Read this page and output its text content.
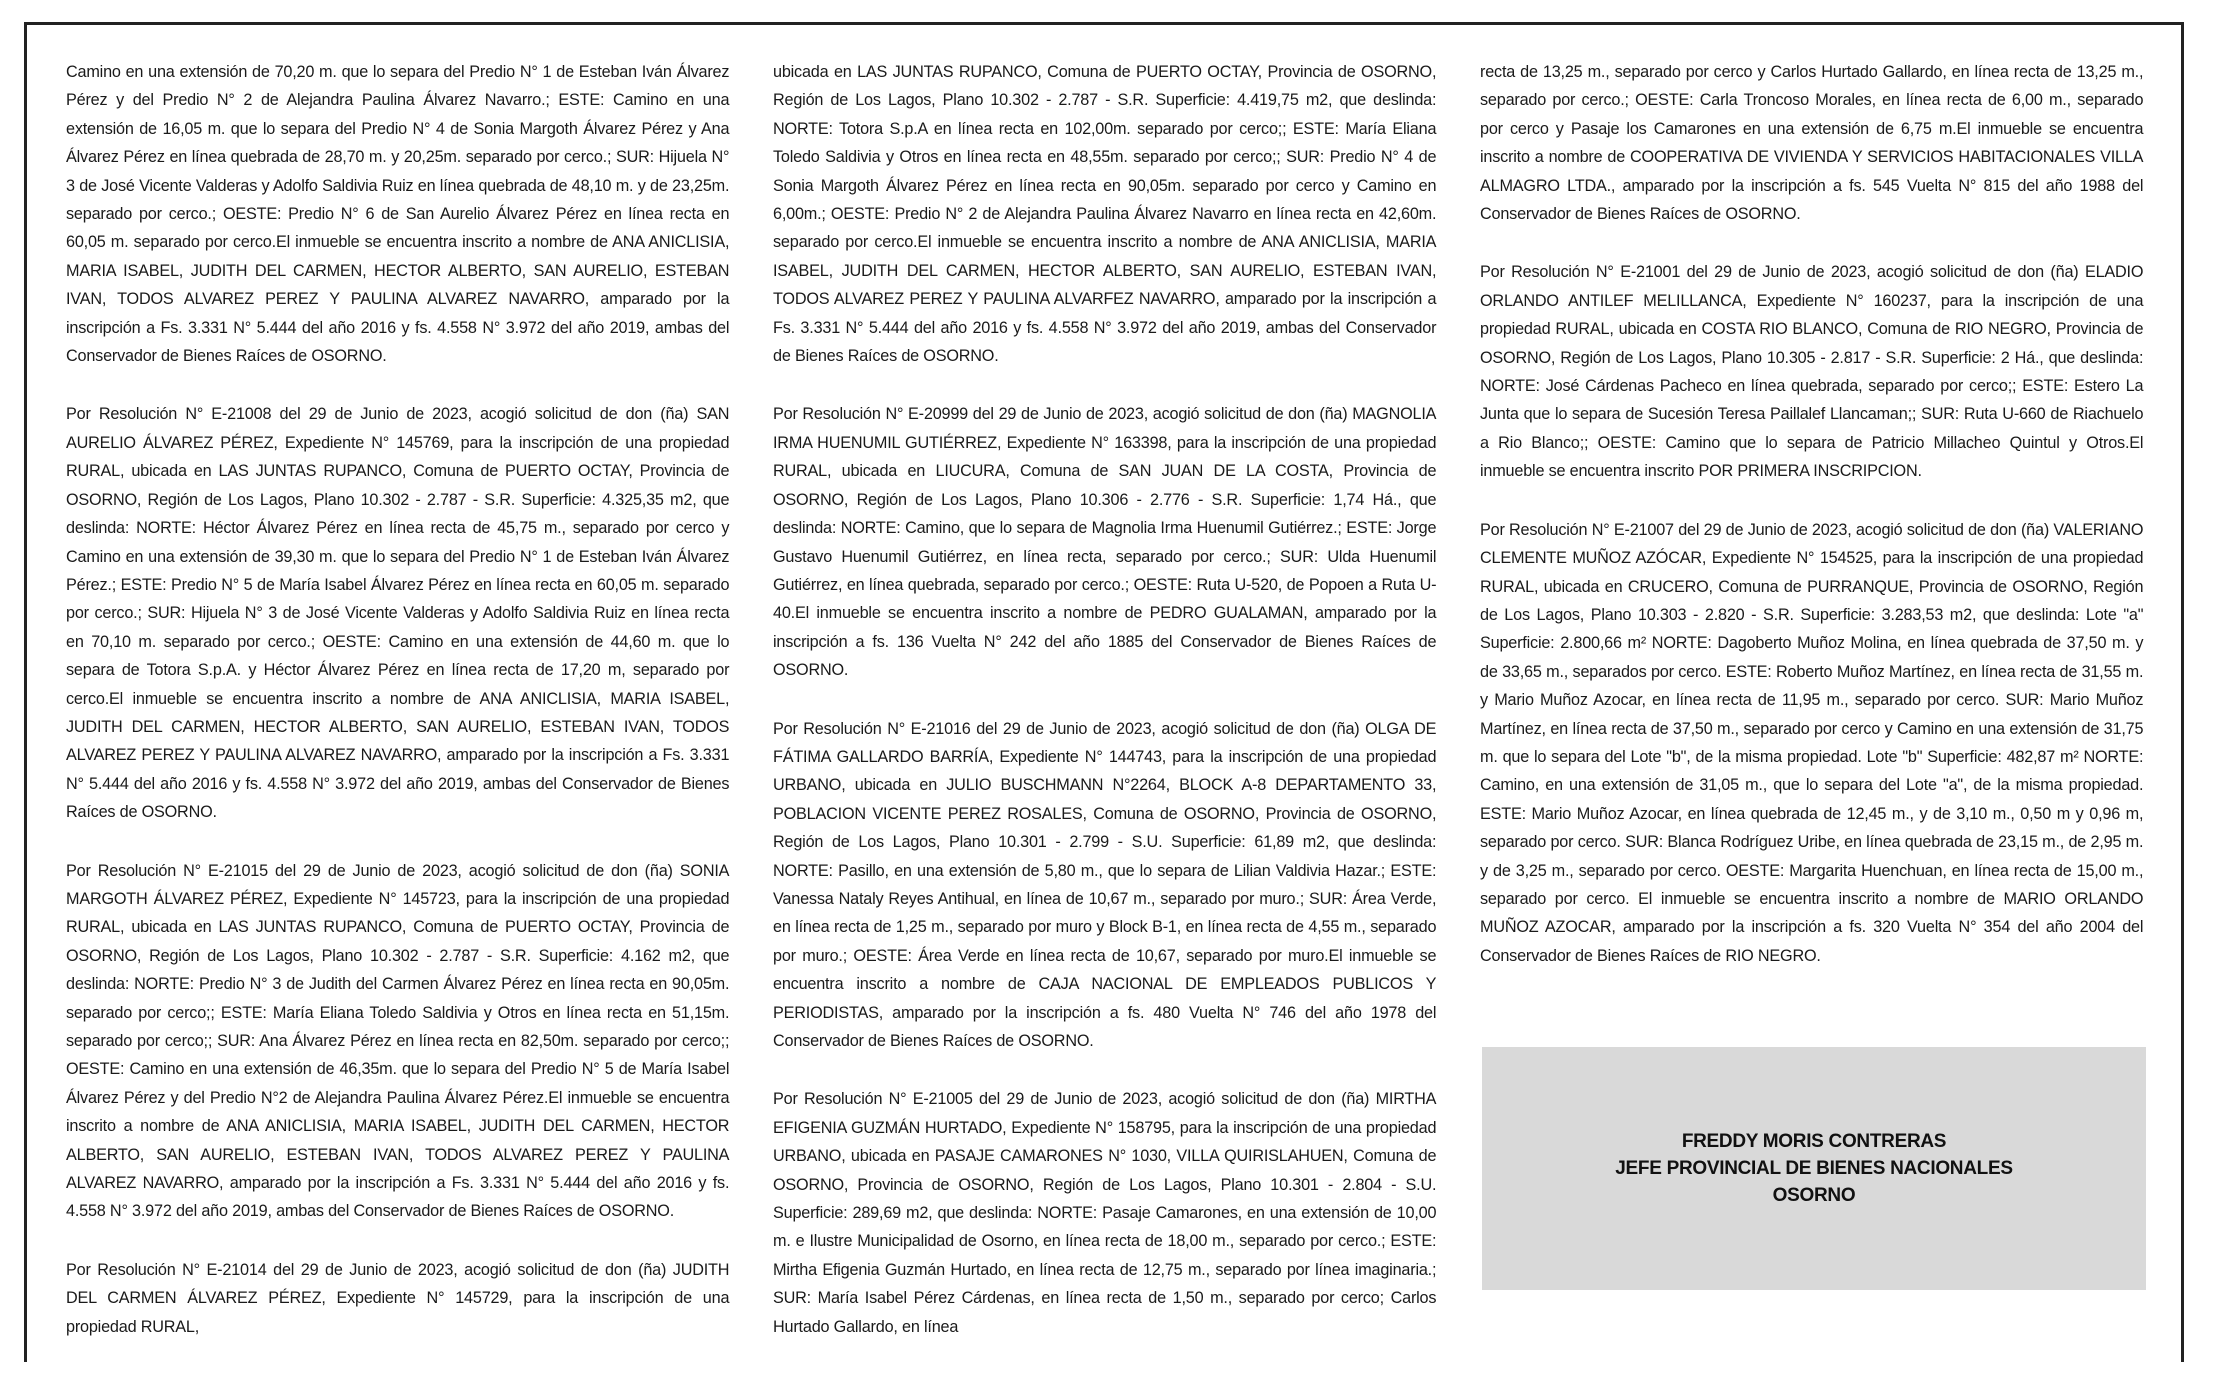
Camino en una extensión de 70,20 m. que lo separa del Predio N° 1 de Esteban Iván Álvarez Pérez y del Predio N° 2 de Alejandra Paulina Álvarez Navarro.; ESTE: Camino en una extensión de 16,05 m. que lo separa del Predio N° 4 de Sonia Margoth Álvarez Pérez y Ana Álvarez Pérez en línea quebrada de 28,70 m. y 20,25m. separado por cerco.; SUR: Hijuela N° 3 de José Vicente Valderas y Adolfo Saldivia Ruiz en línea quebrada de 48,10 m. y de 23,25m. separado por cerco.; OESTE: Predio N° 6 de San Aurelio Álvarez Pérez en línea recta en 60,05 m. separado por cerco.El inmueble se encuentra inscrito a nombre de ANA ANICLISIA, MARIA ISABEL, JUDITH DEL CARMEN, HECTOR ALBERTO, SAN AURELIO, ESTEBAN IVAN, TODOS ALVAREZ PEREZ Y PAULINA ALVAREZ NAVARRO, amparado por la inscripción a Fs. 3.331 N° 5.444 del año 2016 y fs. 4.558 N° 3.972 del año 2019, ambas del Conservador de Bienes Raíces de OSORNO.

Por Resolución N° E-21008 del 29 de Junio de 2023, acogió solicitud de don (ña) SAN AURELIO ÁLVAREZ PÉREZ, Expediente N° 145769, para la inscripción de una propiedad RURAL, ubicada en LAS JUNTAS RUPANCO, Comuna de PUERTO OCTAY, Provincia de OSORNO, Región de Los Lagos, Plano 10.302 - 2.787 - S.R. Superficie: 4.325,35 m2, que deslinda: NORTE: Héctor Álvarez Pérez en línea recta de 45,75 m., separado por cerco y Camino en una extensión de 39,30 m. que lo separa del Predio N° 1 de Esteban Iván Álvarez Pérez.; ESTE: Predio N° 5 de María Isabel Álvarez Pérez en línea recta en 60,05 m. separado por cerco.; SUR: Hijuela N° 3 de José Vicente Valderas y Adolfo Saldivia Ruiz en línea recta en 70,10 m. separado por cerco.; OESTE: Camino en una extensión de 44,60 m. que lo separa de Totora S.p.A. y Héctor Álvarez Pérez en línea recta de 17,20 m, separado por cerco.El inmueble se encuentra inscrito a nombre de ANA ANICLISIA, MARIA ISABEL, JUDITH DEL CARMEN, HECTOR ALBERTO, SAN AURELIO, ESTEBAN IVAN, TODOS ALVAREZ PEREZ Y PAULINA ALVAREZ NAVARRO, amparado por la inscripción a Fs. 3.331 N° 5.444 del año 2016 y fs. 4.558 N° 3.972 del año 2019, ambas del Conservador de Bienes Raíces de OSORNO.

Por Resolución N° E-21015 del 29 de Junio de 2023, acogió solicitud de don (ña) SONIA MARGOTH ÁLVAREZ PÉREZ, Expediente N° 145723, para la inscripción de una propiedad RURAL, ubicada en LAS JUNTAS RUPANCO, Comuna de PUERTO OCTAY, Provincia de OSORNO, Región de Los Lagos, Plano 10.302 - 2.787 - S.R. Superficie: 4.162 m2, que deslinda: NORTE: Predio N° 3 de Judith del Carmen Álvarez Pérez en línea recta en 90,05m. separado por cerco;; ESTE: María Eliana Toledo Saldivia y Otros en línea recta en 51,15m. separado por cerco;; SUR: Ana Álvarez Pérez en línea recta en 82,50m. separado por cerco;; OESTE: Camino en una extensión de 46,35m. que lo separa del Predio N° 5 de María Isabel Álvarez Pérez y del Predio N°2 de Alejandra Paulina Álvarez Pérez.El inmueble se encuentra inscrito a nombre de ANA ANICLISIA, MARIA ISABEL, JUDITH DEL CARMEN, HECTOR ALBERTO, SAN AURELIO, ESTEBAN IVAN, TODOS ALVAREZ PEREZ Y PAULINA ALVAREZ NAVARRO, amparado por la inscripción a Fs. 3.331 N° 5.444 del año 2016 y fs. 4.558 N° 3.972 del año 2019, ambas del Conservador de Bienes Raíces de OSORNO.

Por Resolución N° E-21014 del 29 de Junio de 2023, acogió solicitud de don (ña) JUDITH DEL CARMEN ÁLVAREZ PÉREZ, Expediente N° 145729, para la inscripción de una propiedad RURAL,

ubicada en LAS JUNTAS RUPANCO, Comuna de PUERTO OCTAY, Provincia de OSORNO, Región de Los Lagos, Plano 10.302 - 2.787 - S.R. Superficie: 4.419,75 m2, que deslinda: NORTE: Totora S.p.A en línea recta en 102,00m. separado por cerco;; ESTE: María Eliana Toledo Saldivia y Otros en línea recta en 48,55m. separado por cerco;; SUR: Predio N° 4 de Sonia Margoth Álvarez Pérez en línea recta en 90,05m. separado por cerco y Camino en 6,00m.; OESTE: Predio N° 2 de Alejandra Paulina Álvarez Navarro en línea recta en 42,60m. separado por cerco.El inmueble se encuentra inscrito a nombre de ANA ANICLISIA, MARIA ISABEL, JUDITH DEL CARMEN, HECTOR ALBERTO, SAN AURELIO, ESTEBAN IVAN, TODOS ALVAREZ PEREZ Y PAULINA ALVARFEZ NAVARRO, amparado por la inscripción a Fs. 3.331 N° 5.444 del año 2016 y fs. 4.558 N° 3.972 del año 2019, ambas del Conservador de Bienes Raíces de OSORNO.

Por Resolución N° E-20999 del 29 de Junio de 2023, acogió solicitud de don (ña) MAGNOLIA IRMA HUENUMIL GUTIÉRREZ, Expediente N° 163398, para la inscripción de una propiedad RURAL, ubicada en LIUCURA, Comuna de SAN JUAN DE LA COSTA, Provincia de OSORNO, Región de Los Lagos, Plano 10.306 - 2.776 - S.R. Superficie: 1,74 Há., que deslinda: NORTE: Camino, que lo separa de Magnolia Irma Huenumil Gutiérrez.; ESTE: Jorge Gustavo Huenumil Gutiérrez, en línea recta, separado por cerco.; SUR: Ulda Huenumil Gutiérrez, en línea quebrada, separado por cerco.; OESTE: Ruta U-520, de Popoen a Ruta U-40.El inmueble se encuentra inscrito a nombre de PEDRO GUALAMAN, amparado por la inscripción a fs. 136 Vuelta N° 242 del año 1885 del Conservador de Bienes Raíces de OSORNO.

Por Resolución N° E-21016 del 29 de Junio de 2023, acogió solicitud de don (ña) OLGA DE FÁTIMA GALLARDO BARRÍA, Expediente N° 144743, para la inscripción de una propiedad URBANO, ubicada en JULIO BUSCHMANN N°2264, BLOCK A-8 DEPARTAMENTO 33, POBLACION VICENTE PEREZ ROSALES, Comuna de OSORNO, Provincia de OSORNO, Región de Los Lagos, Plano 10.301 - 2.799 - S.U. Superficie: 61,89 m2, que deslinda: NORTE: Pasillo, en una extensión de 5,80 m., que lo separa de Lilian Valdivia Hazar.; ESTE: Vanessa Nataly Reyes Antihual, en línea de 10,67 m., separado por muro.; SUR: Área Verde, en línea recta de 1,25 m., separado por muro y Block B-1, en línea recta de 4,55 m., separado por muro.; OESTE: Área Verde en línea recta de 10,67, separado por muro.El inmueble se encuentra inscrito a nombre de CAJA NACIONAL DE EMPLEADOS PUBLICOS Y PERIODISTAS, amparado por la inscripción a fs. 480 Vuelta N° 746 del año 1978 del Conservador de Bienes Raíces de OSORNO.

Por Resolución N° E-21005 del 29 de Junio de 2023, acogió solicitud de don (ña) MIRTHA EFIGENIA GUZMÁN HURTADO, Expediente N° 158795, para la inscripción de una propiedad URBANO, ubicada en PASAJE CAMARONES N° 1030, VILLA QUIRISLAHUEN, Comuna de OSORNO, Provincia de OSORNO, Región de Los Lagos, Plano 10.301 - 2.804 - S.U. Superficie: 289,69 m2, que deslinda: NORTE: Pasaje Camarones, en una extensión de 10,00 m. e Ilustre Municipalidad de Osorno, en línea recta de 18,00 m., separado por cerco.; ESTE: Mirtha Efigenia Guzmán Hurtado, en línea recta de 12,75 m., separado por línea imaginaria.; SUR: María Isabel Pérez Cárdenas, en línea recta de 1,50 m., separado por cerco; Carlos Hurtado Gallardo, en línea

recta de 13,25 m., separado por cerco y Carlos Hurtado Gallardo, en línea recta de 13,25 m., separado por cerco.; OESTE: Carla Troncoso Morales, en línea recta de 6,00 m., separado por cerco y Pasaje los Camarones en una extensión de 6,75 m.El inmueble se encuentra inscrito a nombre de COOPERATIVA DE VIVIENDA Y SERVICIOS HABITACIONALES VILLA ALMAGRO LTDA., amparado por la inscripción a fs. 545 Vuelta N° 815 del año 1988 del Conservador de Bienes Raíces de OSORNO.

Por Resolución N° E-21001 del 29 de Junio de 2023, acogió solicitud de don (ña) ELADIO ORLANDO ANTILEF MELILLANCA, Expediente N° 160237, para la inscripción de una propiedad RURAL, ubicada en COSTA RIO BLANCO, Comuna de RIO NEGRO, Provincia de OSORNO, Región de Los Lagos, Plano 10.305 - 2.817 - S.R. Superficie: 2 Há., que deslinda: NORTE: José Cárdenas Pacheco en línea quebrada, separado por cerco;; ESTE: Estero La Junta que lo separa de Sucesión Teresa Paillalef Llancaman;; SUR: Ruta U-660 de Riachuelo a Rio Blanco;; OESTE: Camino que lo separa de Patricio Millacheo Quintul y Otros.El inmueble se encuentra inscrito POR PRIMERA INSCRIPCION.

Por Resolución N° E-21007 del 29 de Junio de 2023, acogió solicitud de don (ña) VALERIANO CLEMENTE MUÑOZ AZÓCAR, Expediente N° 154525, para la inscripción de una propiedad RURAL, ubicada en CRUCERO, Comuna de PURRANQUE, Provincia de OSORNO, Región de Los Lagos, Plano 10.303 - 2.820 - S.R. Superficie: 3.283,53 m2, que deslinda: Lote "a" Superficie: 2.800,66 m² NORTE: Dagoberto Muñoz Molina, en línea quebrada de 37,50 m. y de 33,65 m., separados por cerco. ESTE: Roberto Muñoz Martínez, en línea recta de 31,55 m. y Mario Muñoz Azocar, en línea recta de 11,95 m., separado por cerco. SUR: Mario Muñoz Martínez, en línea recta de 37,50 m., separado por cerco y Camino en una extensión de 31,75 m. que lo separa del Lote "b", de la misma propiedad. Lote "b" Superficie: 482,87 m² NORTE: Camino, en una extensión de 31,05 m., que lo separa del Lote "a", de la misma propiedad. ESTE: Mario Muñoz Azocar, en línea quebrada de 12,45 m., y de 3,10 m., 0,50 m y 0,96 m, separado por cerco. SUR: Blanca Rodríguez Uribe, en línea quebrada de 23,15 m., de 2,95 m. y de 3,25 m., separado por cerco. OESTE: Margarita Huenchuan, en línea recta de 15,00 m., separado por cerco. El inmueble se encuentra inscrito a nombre de MARIO ORLANDO MUÑOZ AZOCAR, amparado por la inscripción a fs. 320 Vuelta N° 354 del año 2004 del Conservador de Bienes Raíces de RIO NEGRO.

FREDDY MORIS CONTRERAS
JEFE PROVINCIAL DE BIENES NACIONALES
OSORNO
